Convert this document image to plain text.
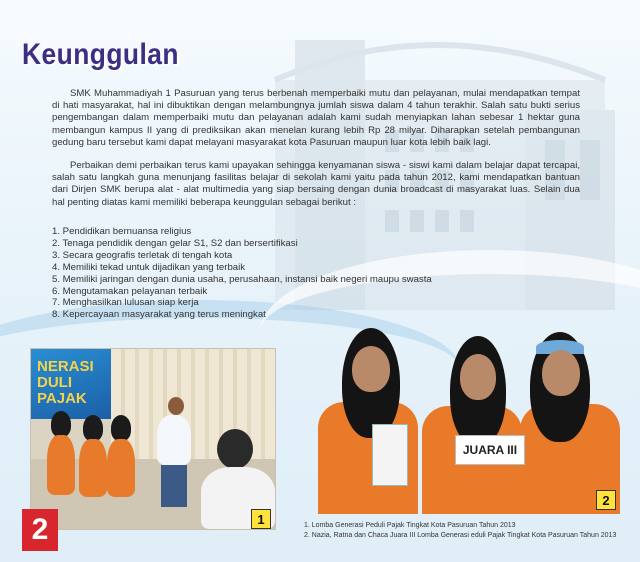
Keunggulan

SMK Muhammadiyah 1 Pasuruan yang terus berbenah memperbaiki mutu dan pelayanan, mulai mendapatkan tempat di hati masyarakat, hal ini dibuktikan dengan melambungnya jumlah siswa dalam 4 tahun terakhir. Salah satu bukti serius pengembangan dalam memperbaiki mutu dan pelayanan adalah kami sudah menyiapkan lahan sebesar 1 hektar guna membangun kampus II yang di prediksikan akan menelan kurang lebih Rp 28 milyar. Diharapkan setelah pembangunan gedung baru tersebut kami dapat melayani masyarakat kota Pasuruan maupun luar kota lebih baik lagi.

Perbaikan demi perbaikan terus kami upayakan sehingga kenyamanan siswa - siswi kami dalam belajar dapat tercapai, salah satu langkah guna menunjang fasilitas belajar di sekolah kami yaitu pada tahun 2012, kami mendapatkan bantuan dari Dirjen SMK berupa alat - alat multimedia yang siap bersaing dengan dunia broadcast di masyarakat luas. Selain dua hal penting diatas kami memiliki beberapa keunggulan sebagai berikut :

1. Pendidikan bernuansa religius
2. Tenaga pendidik dengan gelar S1, S2 dan bersertifikasi
3. Secara geografis terletak di tengah kota
4. Memiliki tekad untuk dijadikan yang terbaik
5. Memiliki jaringan dengan dunia usaha, perusahaan, instansi baik negeri maupu swasta
6. Mengutamakan pelayanan terbaik
7. Menghasilkan lulusan siap kerja
8. Kepercayaan masyarakat yang terus meningkat
NERASI
DULI
PAJAK
1
2
2
JUARA III
1. Lomba Generasi Peduli Pajak Tingkat Kota Pasuruan Tahun 2013
2. Nazia, Ratna dan Chaca Juara III Lomba Generasi eduli Pajak Tingkat Kota Pasuruan Tahun 2013
